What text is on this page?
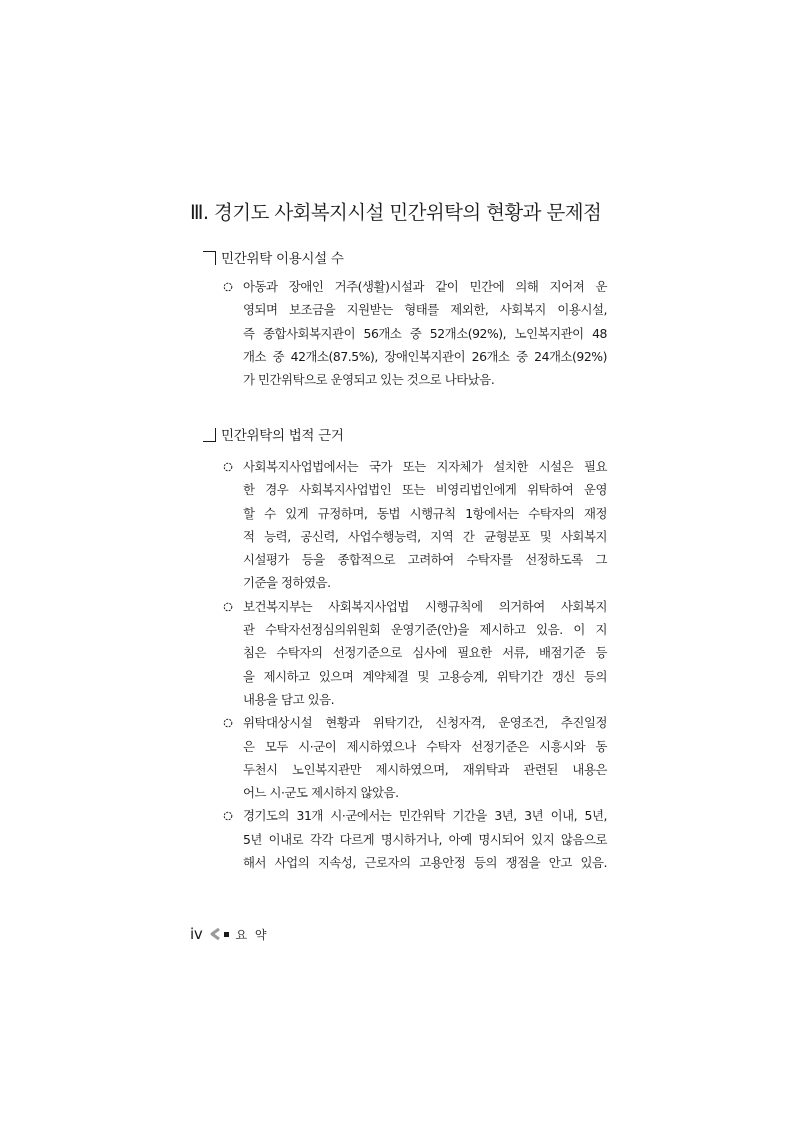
Ⅲ. 경기도 사회복지시설 민간위탁의 현황과 문제점
민간위탁 이용시설 수
아동과 장애인 거주(생활)시설과 같이 민간에 의해 지어져 운
영되며 보조금을 지원받는 형태를 제외한, 사회복지 이용시설,
즉 종합사회복지관이 56개소 중 52개소(92%), 노인복지관이 48
개소 중 42개소(87.5%), 장애인복지관이 26개소 중 24개소(92%)
가 민간위탁으로 운영되고 있는 것으로 나타났음.
민간위탁의 법적 근거
사회복지사업법에서는 국가 또는 지자체가 설치한 시설은 필요
한 경우 사회복지사업법인 또는 비영리법인에게 위탁하여 운영
할 수 있게 규정하며, 동법 시행규칙 1항에서는 수탁자의 재정
적 능력, 공신력, 사업수행능력, 지역 간 균형분포 및 사회복지
시설평가 등을 종합적으로 고려하여 수탁자를 선정하도록 그
기준을 정하였음.
보건복지부는 사회복지사업법 시행규칙에 의거하여 사회복지
관 수탁자선정심의위원회 운영기준(안)을 제시하고 있음. 이 지
침은 수탁자의 선정기준으로 심사에 필요한 서류, 배점기준 등
을 제시하고 있으며 계약체결 및 고용승계, 위탁기간 갱신 등의
내용을 담고 있음.
위탁대상시설 현황과 위탁기간, 신청자격, 운영조건, 추진일정
은 모두 시·군이 제시하였으나 수탁자 선정기준은 시흥시와 동
두천시 노인복지관만 제시하였으며, 재위탁과 관련된 내용은
어느 시·군도 제시하지 않았음.
경기도의 31개 시·군에서는 민간위탁 기간을 3년, 3년 이내, 5년,
5년 이내로 각각 다르게 명시하거나, 아예 명시되어 있지 않음으로
해서 사업의 지속성, 근로자의 고용안정 등의 쟁점을 안고 있음.
iv	요 약
